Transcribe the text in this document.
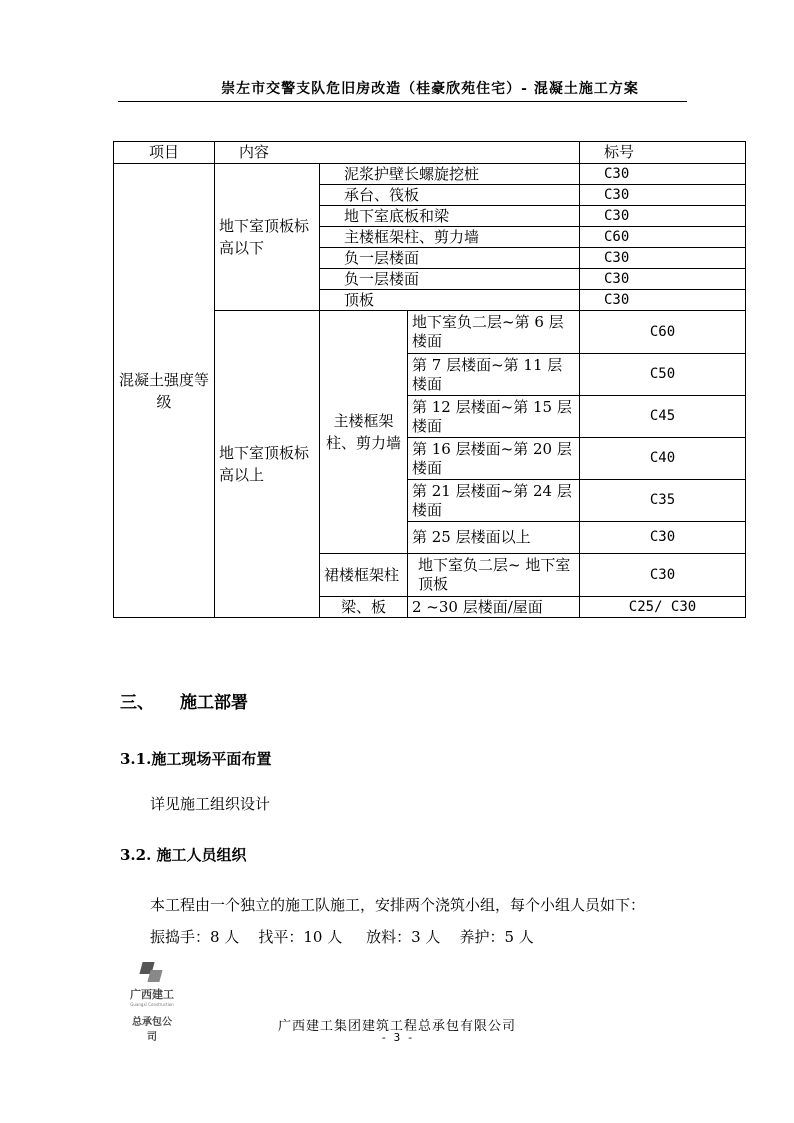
崇左市交警支队危旧房改造（桂豪欣苑住宅）- 混凝土施工方案
项目	内容			标号
混凝土强度等级	地下室顶板标高以下	泥浆护壁长螺旋挖桩		C30
		承台、筏板		C30
		地下室底板和梁		C30
		主楼框架柱、剪力墙		C60
		负一层楼面		C30
		负一层楼面		C30
		顶板		C30
	地下室顶板标高以上	主楼框架柱、剪力墙	地下室负二层~第 6 层楼面	C60
			第 7 层楼面~第 11 层楼面	C50
			第 12 层楼面~第 15 层楼面	C45
			第 16 层楼面~第 20 层楼面	C40
			第 21 层楼面~第 24 层楼面	C35
			第 25 层楼面以上	C30
		裙楼框架柱	地下室负二层~ 地下室顶板	C30
		梁、板	2 ~30 层楼面/屋面	C25/ C30
三、 施工部署
3.1.施工现场平面布置
详见施工组织设计
3.2. 施工人员组织
本工程由一个独立的施工队施工，安排两个浇筑小组，每个小组人员如下：
振捣手：8 人    找平：10 人     放料：3 人    养护：5 人
广西建工
Guangxi Construction
总承包公司
广西建工集团建筑工程总承包有限公司
- 3 -
